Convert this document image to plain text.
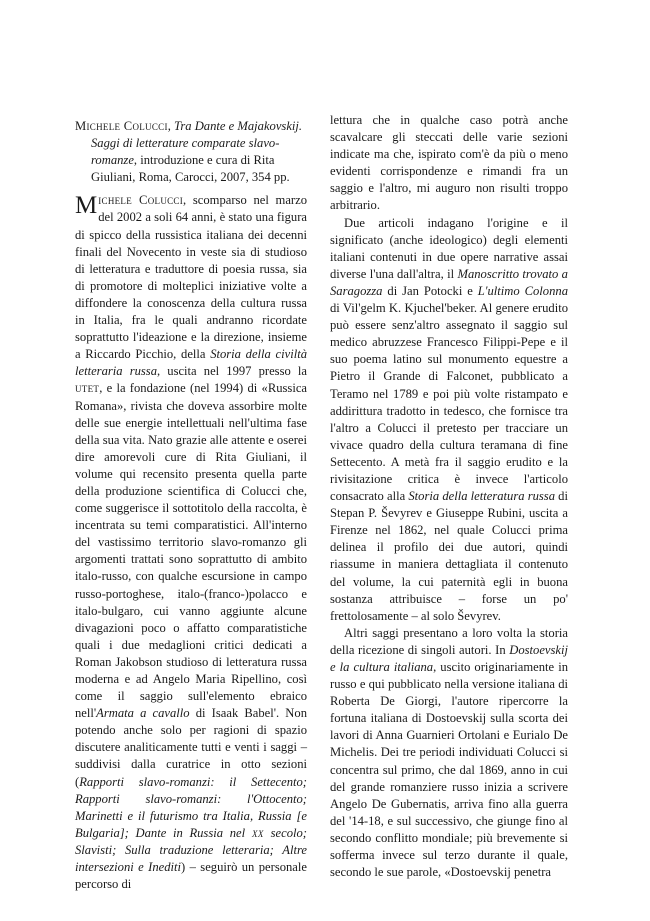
Michele Colucci, Tra Dante e Majakovskij. Saggi di letterature comparate slavo-romanze, introduzione e cura di Rita Giuliani, Roma, Carocci, 2007, 354 pp.

Michele Colucci, scomparso nel marzo del 2002 a soli 64 anni, è stato una figura di spicco della russistica italiana dei decenni finali del Novecento in veste sia di studioso di letteratura e traduttore di poesia russa, sia di promotore di molteplici iniziative volte a diffondere la conoscenza della cultura russa in Italia, fra le quali andranno ricordate soprattutto l'ideazione e la direzione, insieme a Riccardo Picchio, della Storia della civiltà letteraria russa, uscita nel 1997 presso la utet, e la fondazione (nel 1994) di «Russica Romana», rivista che doveva assorbire molte delle sue energie intellettuali nell'ultima fase della sua vita. Nato grazie alle attente e oserei dire amorevoli cure di Rita Giuliani, il volume qui recensito presenta quella parte della produzione scientifica di Colucci che, come suggerisce il sottotitolo della raccolta, è incentrata su temi comparatistici. All'interno del vastissimo territorio slavo-romanzo gli argomenti trattati sono soprattutto di ambito italo-russo, con qualche escursione in campo russo-portoghese, italo-(franco-)polacco e italo-bulgaro, cui vanno aggiunte alcune divagazioni poco o affatto comparatistiche quali i due medaglioni critici dedicati a Roman Jakobson studioso di letteratura russa moderna e ad Angelo Maria Ripellino, così come il saggio sull'elemento ebraico nell'Armata a cavallo di Isaak Babel'. Non potendo anche solo per ragioni di spazio discutere analiticamente tutti e venti i saggi – suddivisi dalla curatrice in otto sezioni (Rapporti slavo-romanzi: il Settecento; Rapporti slavo-romanzi: l'Ottocento; Marinetti e il futurismo tra Italia, Russia [e Bulgaria]; Dante in Russia nel xx secolo; Slavisti; Sulla traduzione letteraria; Altre intersezioni e Inediti) – seguirò un personale percorso di

lettura che in qualche caso potrà anche scavalcare gli steccati delle varie sezioni indicate ma che, ispirato com'è da più o meno evidenti corrispondenze e rimandi fra un saggio e l'altro, mi auguro non risulti troppo arbitrario.

Due articoli indagano l'origine e il significato (anche ideologico) degli elementi italiani contenuti in due opere narrative assai diverse l'una dall'altra, il Manoscritto trovato a Saragozza di Jan Potocki e L'ultimo Colonna di Vil'gelm K. Kjuchel'beker. Al genere erudito può essere senz'altro assegnato il saggio sul medico abruzzese Francesco Filippi-Pepe e il suo poema latino sul monumento equestre a Pietro il Grande di Falconet, pubblicato a Teramo nel 1789 e poi più volte ristampato e addirittura tradotto in tedesco, che fornisce tra l'altro a Colucci il pretesto per tracciare un vivace quadro della cultura teramana di fine Settecento. A metà fra il saggio erudito e la rivisitazione critica è invece l'articolo consacrato alla Storia della letteratura russa di Stepan P. Ševyrev e Giuseppe Rubini, uscita a Firenze nel 1862, nel quale Colucci prima delinea il profilo dei due autori, quindi riassume in maniera dettagliata il contenuto del volume, la cui paternità egli in buona sostanza attribuisce – forse un po' frettolosamente – al solo Ševyrev.

Altri saggi presentano a loro volta la storia della ricezione di singoli autori. In Dostoevskij e la cultura italiana, uscito originariamente in russo e qui pubblicato nella versione italiana di Roberta De Giorgi, l'autore ripercorre la fortuna italiana di Dostoevskij sulla scorta dei lavori di Anna Guarnieri Ortolani e Eurialo De Michelis. Dei tre periodi individuati Colucci si concentra sul primo, che dal 1869, anno in cui del grande romanziere russo inizia a scrivere Angelo De Gubernatis, arriva fino alla guerra del '14-18, e sul successivo, che giunge fino al secondo conflitto mondiale; più brevemente si sofferma invece sul terzo durante il quale, secondo le sue parole, «Dostoevskij penetra
